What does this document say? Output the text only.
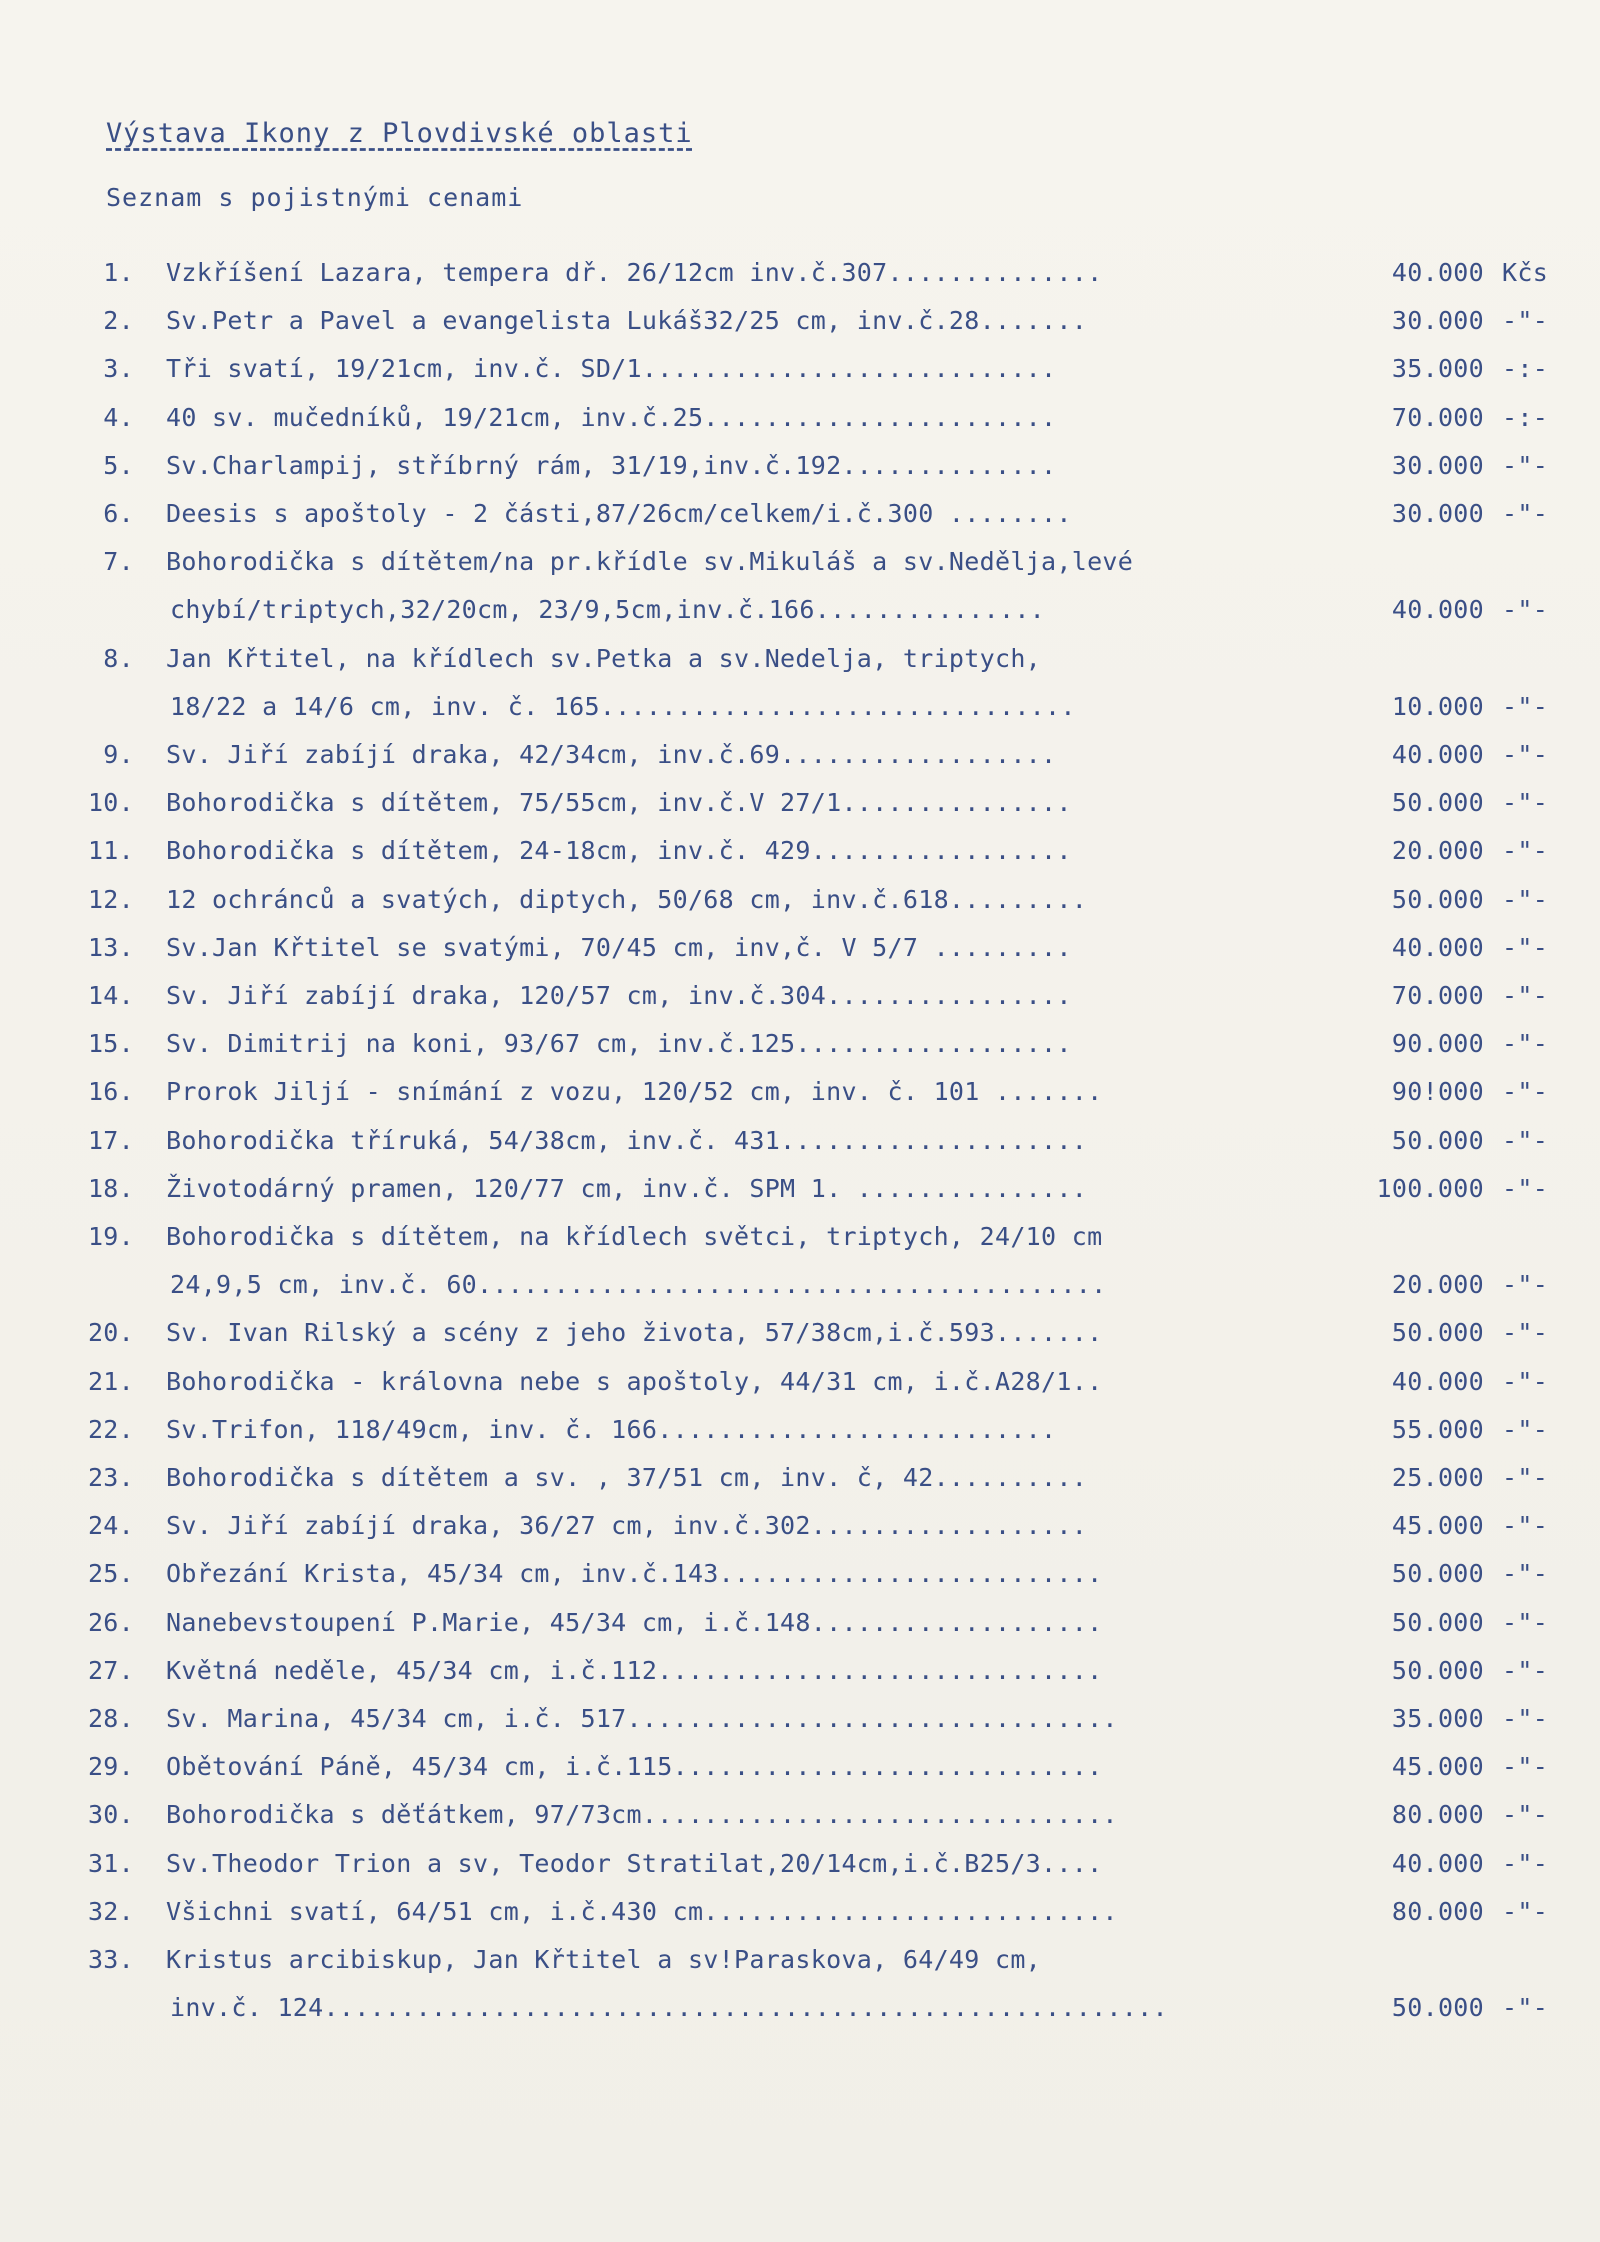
Výstava Ikony z Plovdivské oblasti
Seznam s pojistnými cenami
1. Vzkříšení Lazara, tempera dř. 26/12cm inv.č.307..............	40.000 Kčs
2. Sv.Petr a Pavel a evangelista Lukáš32/25 cm, inv.č.28.......	30.000 -"-
3. Tři svatí, 19/21cm, inv.č. SD/1...........................	35.000 -:-
4. 40 sv. mučedníků, 19/21cm, inv.č.25.......................	70.000 -:-
5. Sv.Charlampij, stříbrný rám, 31/19,inv.č.192..............	30.000 -"-
6. Deesis s apoštoly - 2 části,87/26cm/celkem/i.č.300 ........	30.000 -"-
7. Bohorodička s dítětem/na pr.křídle sv.Mikuláš a sv.Nedělja,levé
chybí/triptych,32/20cm, 23/9,5cm,inv.č.166...............	40.000 -"-
8. Jan Křtitel, na křídlech sv.Petka a sv.Nedelja, triptych,
18/22 a 14/6 cm, inv. č. 165...............................	10.000 -"-
9. Sv. Jiří zabíjí draka, 42/34cm, inv.č.69..................	40.000 -"-
10. Bohorodička s dítětem, 75/55cm, inv.č.V 27/1...............	50.000 -"-
11. Bohorodička s dítětem, 24-18cm, inv.č. 429.................	20.000 -"-
12. 12 ochránců a svatých, diptych, 50/68 cm, inv.č.618.........	50.000 -"-
13. Sv.Jan Křtitel se svatými, 70/45 cm, inv,č. V 5/7 .........	40.000 -"-
14. Sv. Jiří zabíjí draka, 120/57 cm, inv.č.304................	70.000 -"-
15. Sv. Dimitrij na koni, 93/67 cm, inv.č.125..................	90.000 -"-
16. Prorok Jiljí - snímání z vozu, 120/52 cm, inv. č. 101 .......	90!000 -"-
17. Bohorodička tříruká, 54/38cm, inv.č. 431....................	50.000 -"-
18. Životodárný pramen, 120/77 cm, inv.č. SPM 1. ...............	100.000 -"-
19. Bohorodička s dítětem, na křídlech světci, triptych, 24/10 cm
24,9,5 cm, inv.č. 60.........................................	20.000 -"-
20. Sv. Ivan Rilský a scény z jeho života, 57/38cm,i.č.593.......	50.000 -"-
21. Bohorodička - královna nebe s apoštoly, 44/31 cm, i.č.A28/1..	40.000 -"-
22. Sv.Trifon, 118/49cm, inv. č. 166..........................	55.000 -"-
23. Bohorodička s dítětem a sv. , 37/51 cm, inv. č, 42..........	25.000 -"-
24. Sv. Jiří zabíjí draka, 36/27 cm, inv.č.302..................	45.000 -"-
25. Obřezání Krista, 45/34 cm, inv.č.143.........................	50.000 -"-
26. Nanebevstoupení P.Marie, 45/34 cm, i.č.148...................	50.000 -"-
27. Květná neděle, 45/34 cm, i.č.112.............................	50.000 -"-
28. Sv. Marina, 45/34 cm, i.č. 517................................	35.000 -"-
29. Obětování Páně, 45/34 cm, i.č.115............................	45.000 -"-
30. Bohorodička s děťátkem, 97/73cm...............................	80.000 -"-
31. Sv.Theodor Trion a sv, Teodor Stratilat,20/14cm,i.č.B25/3....	40.000 -"-
32. Všichni svatí, 64/51 cm, i.č.430 cm...........................	80.000 -"-
33. Kristus arcibiskup, Jan Křtitel a sv!Paraskova, 64/49 cm,
inv.č. 124.......................................................	50.000 -"-
